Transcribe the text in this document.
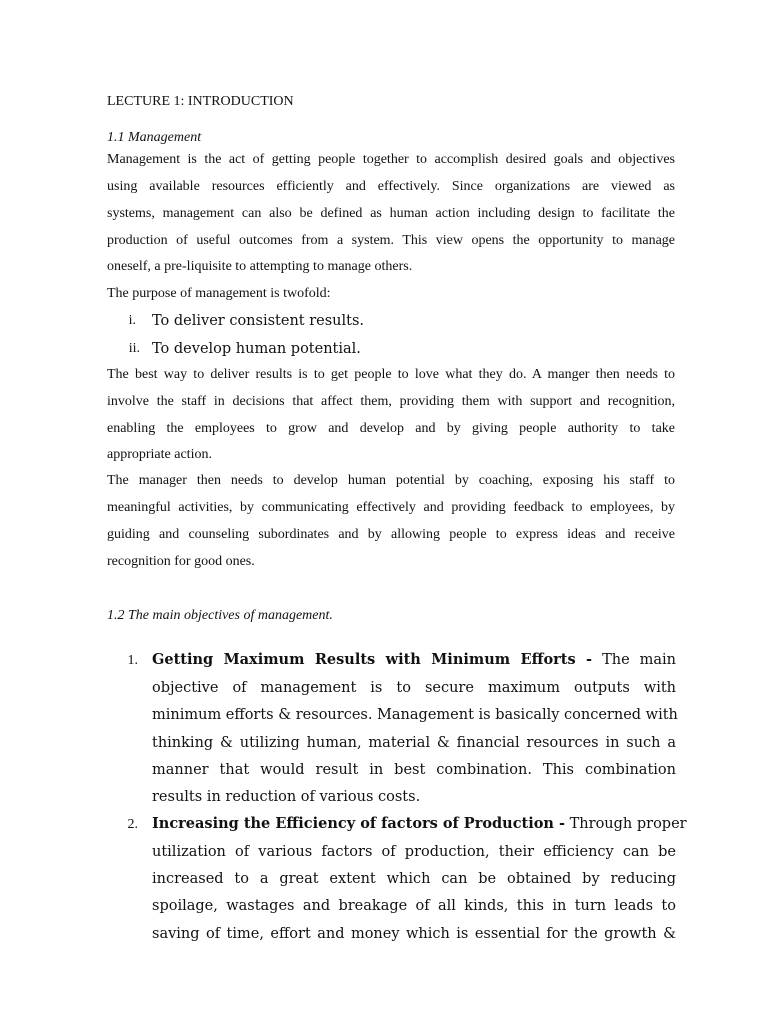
LECTURE 1: INTRODUCTION
1.1 Management
Management is the act of getting people together to accomplish desired goals and objectives
using available resources efficiently and effectively. Since organizations are viewed as
systems, management can also be defined as human action including design to facilitate the
production of useful outcomes from a system. This view opens the opportunity to manage
oneself, a pre-liquisite to attempting to manage others.
The purpose of management is twofold:
i. To deliver consistent results.
ii. To develop human potential.
The best way to deliver results is to get people to love what they do. A manger then needs to
involve the staff in decisions that affect them, providing them with support and recognition,
enabling the employees to grow and develop and by giving people authority to take
appropriate action.
The manager then needs to develop human potential by coaching, exposing his staff to
meaningful activities, by communicating effectively and providing feedback to employees, by
guiding and counseling subordinates and by allowing people to express ideas and receive
recognition for good ones.
1.2 The main objectives of management.
1. Getting Maximum Results with Minimum Efforts - The main
objective of management is to secure maximum outputs with
minimum efforts & resources. Management is basically concerned with
thinking & utilizing human, material & financial resources in such a
manner that would result in best combination. This combination
results in reduction of various costs.
2. Increasing the Efficiency of factors of Production - Through proper
utilization of various factors of production, their efficiency can be
increased to a great extent which can be obtained by reducing
spoilage, wastages and breakage of all kinds, this in turn leads to
saving of time, effort and money which is essential for the growth &
